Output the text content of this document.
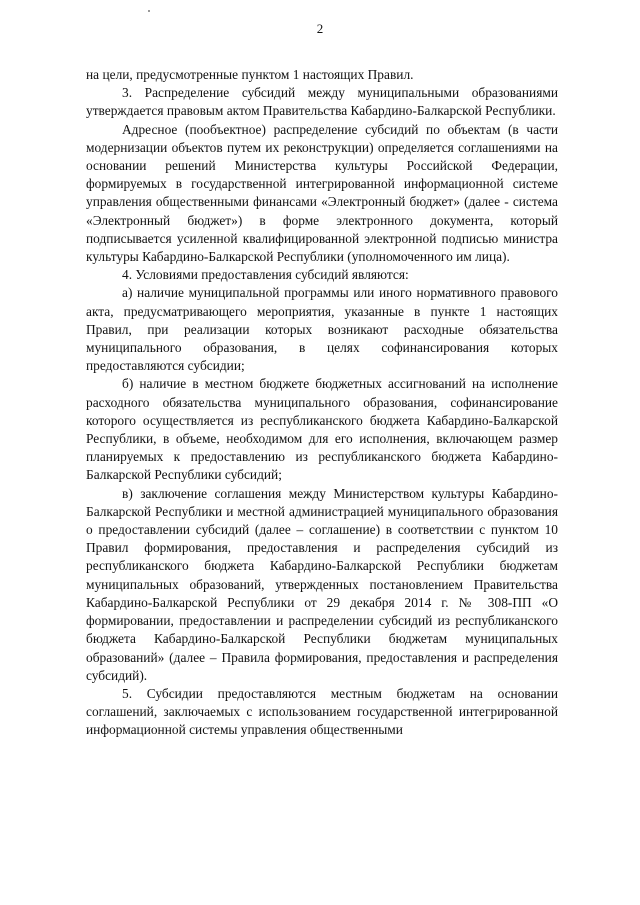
2

на цели, предусмотренные пунктом 1 настоящих Правил.

3. Распределение субсидий между муниципальными образованиями утверждается правовым актом Правительства Кабардино-Балкарской Республики.

Адресное (пообъектное) распределение субсидий по объектам (в части модернизации объектов путем их реконструкции) определяется соглашениями на основании решений Министерства культуры Российской Федерации, формируемых в государственной интегрированной информационной системе управления общественными финансами «Электронный бюджет» (далее - система «Электронный бюджет») в форме электронного документа, который подписывается усиленной квалифицированной электронной подписью министра культуры Кабардино-Балкарской Республики (уполномоченного им лица).

4. Условиями предоставления субсидий являются:

а) наличие муниципальной программы или иного нормативного правового акта, предусматривающего мероприятия, указанные в пункте 1 настоящих Правил, при реализации которых возникают расходные обязательства муниципального образования, в целях софинансирования которых предоставляются субсидии;

б) наличие в местном бюджете бюджетных ассигнований на исполнение расходного обязательства муниципального образования, софинансирование которого осуществляется из республиканского бюджета Кабардино-Балкарской Республики, в объеме, необходимом для его исполнения, включающем размер планируемых к предоставлению из республиканского бюджета Кабардино-Балкарской Республики субсидий;

в) заключение соглашения между Министерством культуры Кабардино-Балкарской Республики и местной администрацией муниципального образования о предоставлении субсидий (далее – соглашение) в соответствии с пунктом 10 Правил формирования, предоставления и распределения субсидий из республиканского бюджета Кабардино-Балкарской Республики бюджетам муниципальных образований, утвержденных постановлением Правительства Кабардино-Балкарской Республики от 29 декабря 2014 г. № 308-ПП «О формировании, предоставлении и распределении субсидий из республиканского бюджета Кабардино-Балкарской Республики бюджетам муниципальных образований» (далее – Правила формирования, предоставления и распределения субсидий).

5. Субсидии предоставляются местным бюджетам на основании соглашений, заключаемых с использованием государственной интегрированной информационной системы управления общественными
